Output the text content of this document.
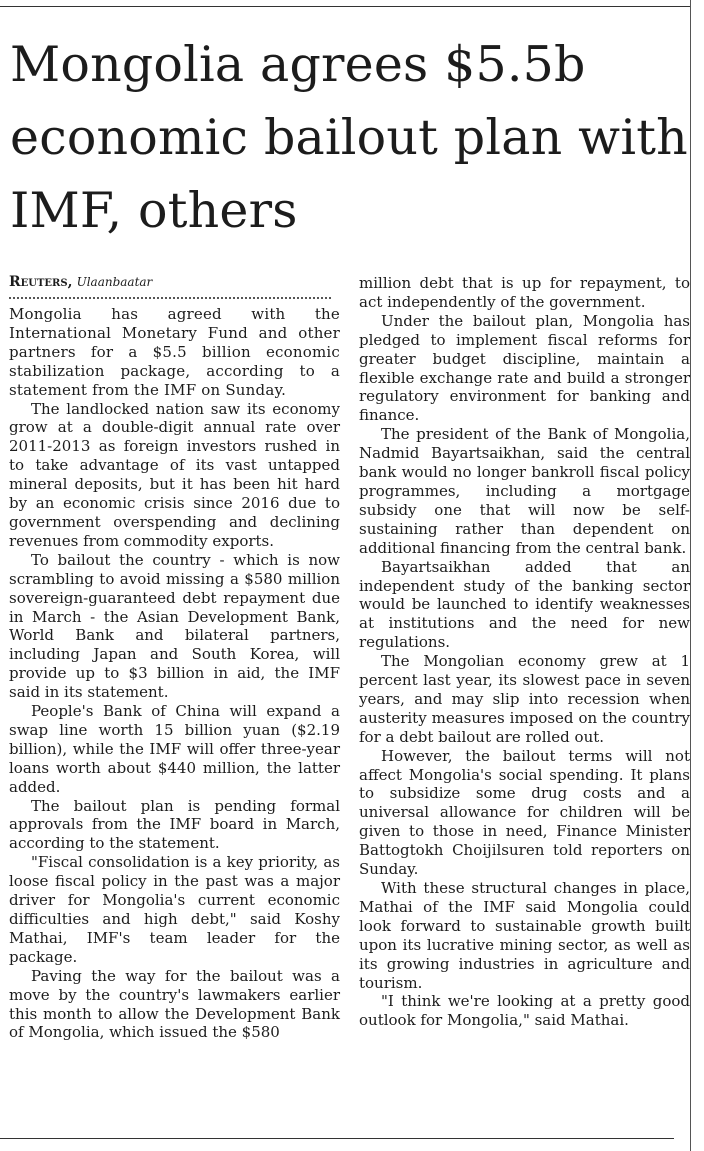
Mongolia agrees $5.5b economic bailout plan with IMF, others
Reuters, Ulaanbaatar

Mongolia has agreed with the International Monetary Fund and other partners for a $5.5 billion economic stabilization package, according to a statement from the IMF on Sunday.

The landlocked nation saw its economy grow at a double-digit annual rate over 2011-2013 as foreign investors rushed in to take advantage of its vast untapped mineral deposits, but it has been hit hard by an economic crisis since 2016 due to government overspending and declining revenues from commodity exports.

To bailout the country - which is now scrambling to avoid missing a $580 million sovereign-guaranteed debt repayment due in March - the Asian Development Bank, World Bank and bilateral partners, including Japan and South Korea, will provide up to $3 billion in aid, the IMF said in its statement.

People's Bank of China will expand a swap line worth 15 billion yuan ($2.19 billion), while the IMF will offer three-year loans worth about $440 million, the latter added.

The bailout plan is pending formal approvals from the IMF board in March, according to the statement.

"Fiscal consolidation is a key priority, as loose fiscal policy in the past was a major driver for Mongolia's current economic difficulties and high debt," said Koshy Mathai, IMF's team leader for the package.

Paving the way for the bailout was a move by the country's lawmakers earlier this month to allow the Development Bank of Mongolia, which issued the $580

million debt that is up for repayment, to act independently of the government.

Under the bailout plan, Mongolia has pledged to implement fiscal reforms for greater budget discipline, maintain a flexible exchange rate and build a stronger regulatory environment for banking and finance.

The president of the Bank of Mongolia, Nadmid Bayartsaikhan, said the central bank would no longer bankroll fiscal policy programmes, including a mortgage subsidy one that will now be self-sustaining rather than dependent on additional financing from the central bank.

Bayartsaikhan added that an independent study of the banking sector would be launched to identify weaknesses at institutions and the need for new regulations.

The Mongolian economy grew at 1 percent last year, its slowest pace in seven years, and may slip into recession when austerity measures imposed on the country for a debt bailout are rolled out.

However, the bailout terms will not affect Mongolia's social spending. It plans to subsidize some drug costs and a universal allowance for children will be given to those in need, Finance Minister Battogtokh Choijilsuren told reporters on Sunday.

With these structural changes in place, Mathai of the IMF said Mongolia could look forward to sustainable growth built upon its lucrative mining sector, as well as its growing industries in agriculture and tourism.

"I think we're looking at a pretty good outlook for Mongolia," said Mathai.
